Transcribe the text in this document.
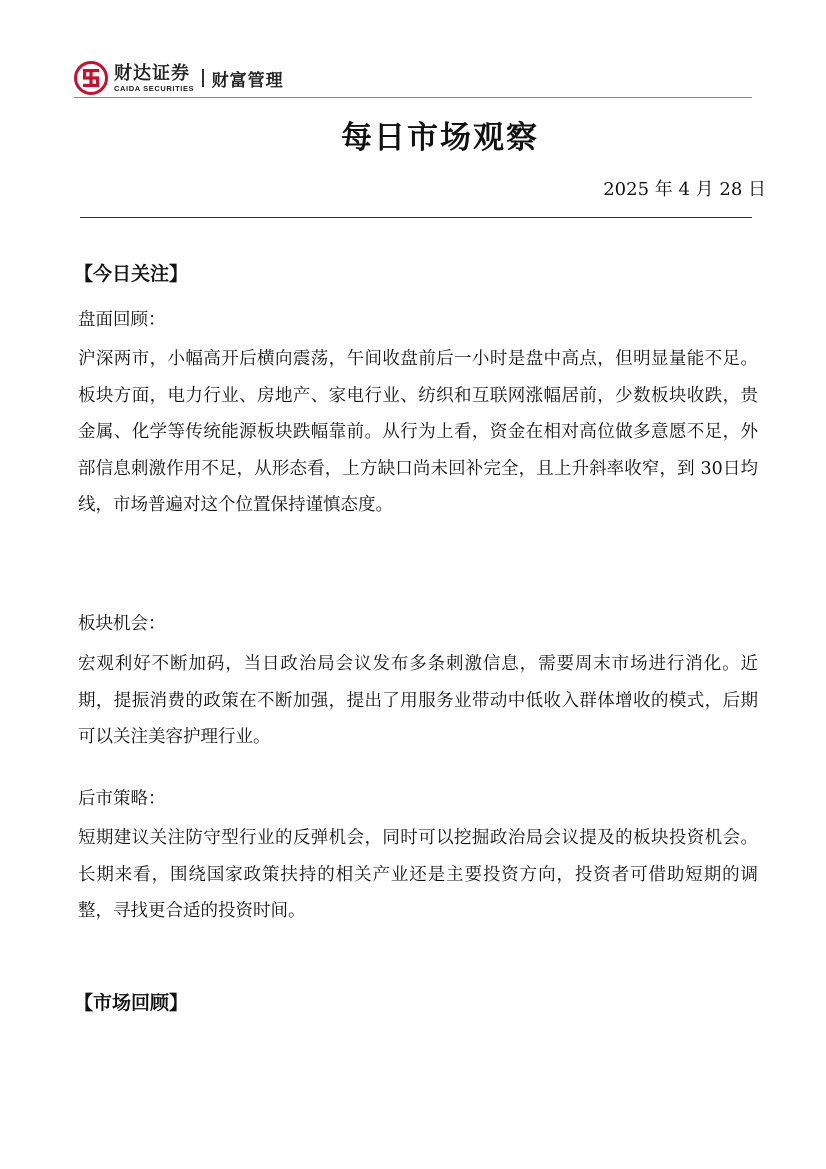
财达证券
CAIDA SECURITIES 财富管理
每日市场观察
2025 年 4 月 28 日
【今日关注】
盘面回顾：
沪深两市，小幅高开后横向震荡，午间收盘前后一小时是盘中高点，但明显量能不足。板块方面，电力行业、房地产、家电行业、纺织和互联网涨幅居前，少数板块收跌，贵金属、化学等传统能源板块跌幅靠前。从行为上看，资金在相对高位做多意愿不足，外部信息刺激作用不足，从形态看，上方缺口尚未回补完全，且上升斜率收窄，到 30日均线，市场普遍对这个位置保持谨慎态度。
板块机会：
宏观利好不断加码，当日政治局会议发布多条刺激信息，需要周末市场进行消化。近期，提振消费的政策在不断加强，提出了用服务业带动中低收入群体增收的模式，后期可以关注美容护理行业。
后市策略：
短期建议关注防守型行业的反弹机会，同时可以挖掘政治局会议提及的板块投资机会。长期来看，围绕国家政策扶持的相关产业还是主要投资方向，投资者可借助短期的调整，寻找更合适的投资时间。
【市场回顾】
